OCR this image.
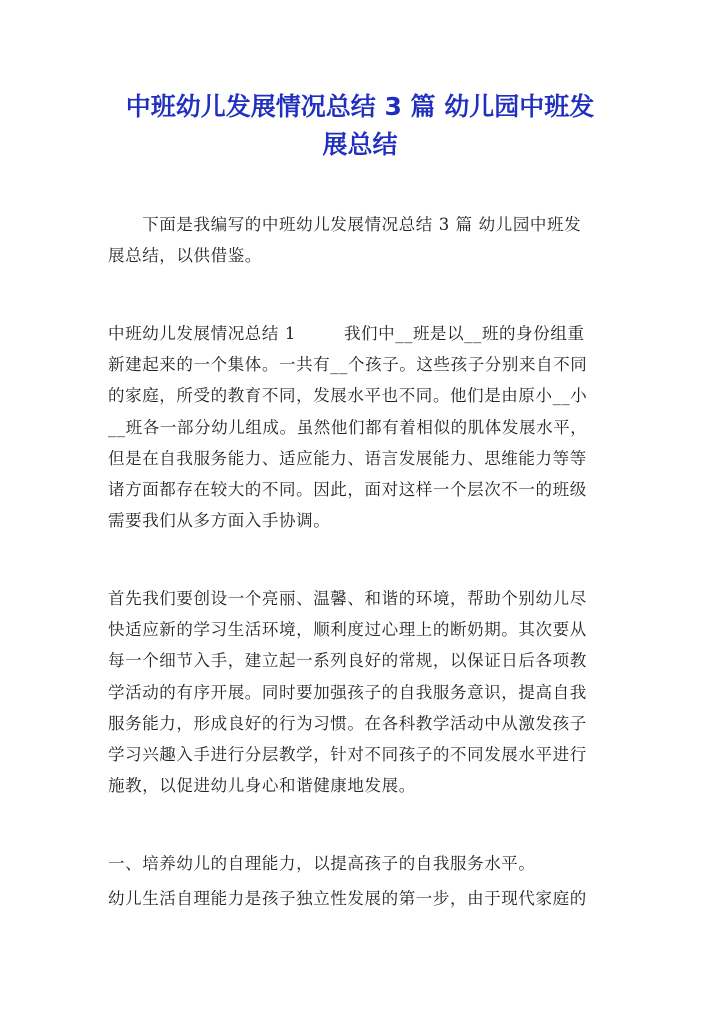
中班幼儿发展情况总结 3 篇 幼儿园中班发
展总结

　　下面是我编写的中班幼儿发展情况总结 3 篇 幼儿园中班发
展总结，以供借鉴。

中班幼儿发展情况总结 1	我们中__班是以__班的身份组重
新建起来的一个集体。一共有__个孩子。这些孩子分别来自不同
的家庭，所受的教育不同，发展水平也不同。他们是由原小__小
__班各一部分幼儿组成。虽然他们都有着相似的肌体发展水平，
但是在自我服务能力、适应能力、语言发展能力、思维能力等等
诸方面都存在较大的不同。因此，面对这样一个层次不一的班级
需要我们从多方面入手协调。

首先我们要创设一个亮丽、温馨、和谐的环境，帮助个别幼儿尽
快适应新的学习生活环境，顺利度过心理上的断奶期。其次要从
每一个细节入手，建立起一系列良好的常规，以保证日后各项教
学活动的有序开展。同时要加强孩子的自我服务意识，提高自我
服务能力，形成良好的行为习惯。在各科教学活动中从激发孩子
学习兴趣入手进行分层教学，针对不同孩子的不同发展水平进行
施教，以促进幼儿身心和谐健康地发展。

一、培养幼儿的自理能力，以提高孩子的自我服务水平。

幼儿生活自理能力是孩子独立性发展的第一步，由于现代家庭的
